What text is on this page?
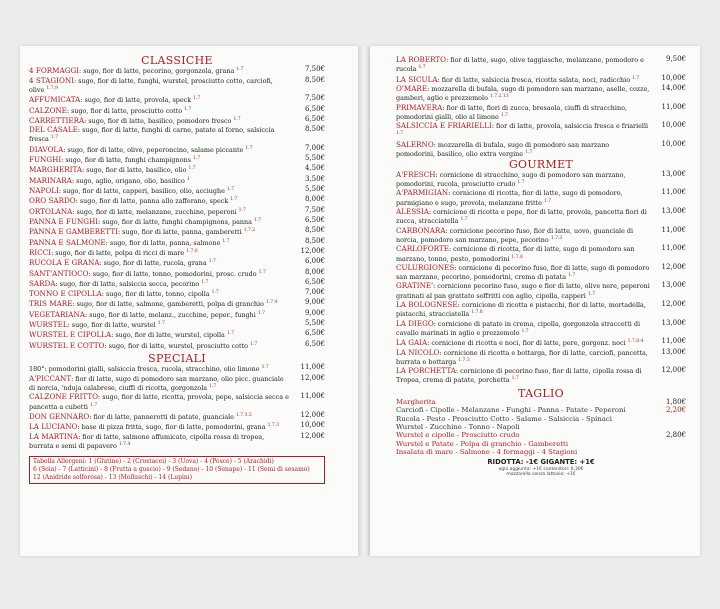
CLASSICHE
4 FORMAGGI: sugo, fior di latte, pecorino, gorgonzola, grana $^{1.7}$	7,50€
4 STAGIONI: sugo, fior di latte, funghi, wurstel, prosciutto cotto, carciofi, olive $^{1.7.9}$
8,50€
AFFUMICATA: sugo, fior di latte, provola, speck $^{1.7}$	7,50€
CALZONE: sugo, fior di latte, prosciutto cotto $^{1.7}$	6,50€
CARRETTIERA: sugo, fior di latte, basilico, pomodoro fresco $^{1.7}$	6,50€
DEL CASALE: sugo, fior di latte, funghi di carne, patate al forno, salsiccia fresca $^{1.7}$
8,50€
DIAVOLA: sugo, fior di latte, olive, peperoncino, salame piccante $^{1.7}$	7,00€
FUNGHI: sugo, fior di latte, funghi champignons $^{1.7}$	5,50€
MARGHERITA: sugo, fior di latte, basilico, olio $^{1.7}$	4,50€
MARINARA: sugo, aglio, origano, olio, basilico $^1$	3,50€
NAPOLI: sugo, fior di latte, capperi, basilico, olio, acciughe $^{1.7}$	5,50€
ORO SARDO: sugo, fior di latte, panna allo zafferano, speck $^{1.7}$	8,00€
ORTOLANA: sugo, fior di latte, melanzane, zucchine, peperoni $^{1.7}$	7,50€
PANNA E FUNGHI: sugo, fior di latte, funghi champignons, panna $^{1.7}$	6,50€
PANNA E GAMBERETTI: sugo, fior di latte, panna, gamberetti $^{1.7.2}$	8,50€
PANNA E SALMONE: sugo, fior di latte, panna, salmone $^{1.7}$	8,50€
RICCI: sugo, fior di latte, polpa di ricci di mare $^{1.7.0}$	12,00€
RUCOLA E GRANA: sugo, fior di latte, rucola, grana $^{1.7}$	6,00€
SANT'ANTIOCO: sugo, fior di latte, tonno, pomodorini, prosc. crudo $^{1.7}$	8,00€
SARDA: sugo, fior di latte, salsiccia secca, pecorino $^{1.7}$	6,50€
TONNO E CIPOLLA: sugo, fior di latte, tonno, cipolla $^{1.7}$	7,00€
TRIS MARE: sugo, fior di latte, salmone, gamberetti, polpa di granchio $^{1.7.4}$	9,00€
VEGETARIANA: sugo, fior di latte, melanz., zucchine, peper., funghi $^{1.7}$	9,00€
WURSTEL: sugo, fior di latte, wurstel $^{1.7}$	5,50€
WURSTEL E CIPOLLA: sugo, fior di latte, wurstel, cipolla $^{1.7}$	6,50€
WURSTEL E COTTO: sugo, fior di latte, wurstel, prosciutto cotto $^{1.7}$	6,50€
SPECIALI
180°: pomodorini gialli, salsiccia fresca, rucola, stracchino, olio limone $^{1.7}$	11,00€
A'PICCANT: fior di latte, sugo di pomodoro san marzano, olio picc. guanciale di norcia, 'nduja calabrese, ciuffi di ricotta, gorgonzola $^{1.7}$
12,00€
CALZONE FRITTO: sugo, fior di latte, ricotta, provola, pepe, salsiccia secca e pancetta a cubetti $^{1.7}$
11,00€
DON GENNARO: fior di latte, pannerotti di patate, guanciale $^{1.7.3.5}$	12,00€
LA LUCIANO: base di pizza fritta, sugo, fior di latte, pomodorini, grana $^{1.7.3}$	10,00€
LA MARTINA: fior di latte, salmone affumicato, cipolla rossa di tropea, burrata e semi di papavero $^{1.7.4}$
12,00€
Tabella Allergeni: 1 (Glutine) - 2 (Crostacei) - 3 (Uova) - 4 (Pesce) - 5 (Arachidi)
6 (Soia) - 7 (Latticini) - 8 (Frutta a guscio) - 9 (Sedano) - 10 (Senape) - 11 (Semi di sesamo)
12 (Anidride solforosa) - 13 (Molluschi) - 14 (Lupini)
LA ROBERTO: fior di latte, sugo, olive taggiasche, melanzane, pomodoro e rucola $^{1.7}$
9,50€
LA SICULA: fior di latte, salsiccia fresca, ricotta salata, noci, radicchio $^{1.7}$	10,00€
O'MARE: mozzarella di bufala, sugo di pomodoro san marzano, aselle, cozze, gamberi, aglio e prezzemolo $^{1.7.2.13}$
14,00€
PRIMAVERA: fior di latte, fiori di zucca, bresaola, ciuffi di stracchino, pomodorini gialli, olio al limone $^{1.7}$
11,00€
SALSICCIA E FRIARIELLI: fior di latte, provola, salsiccia fresca e friarielli $^{1.7}$
10,00€
SALERNO: mozzarella di bufala, sugo di pomodoro san marzano pomodorini, basilico, olio extra vergine $^{1.7}$
10,00€
GOURMET
A'FRESCH: cornicione di stracchino, sugo di pomodoro san marzano, pomodorini, rucola, prosciutto crudo $^{1.7}$
13,00€
A'PARMIGIAN: cornicione di ricotta, fior di latte, sugo di pomodoro, parmigiano e sugo, provola, melanzane fritte $^{1.7}$
11,00€
ALESSIA: cornicione di ricotta e pepe, fior di latte, provola, pancetta fiori di zucca, stracciatella $^{1.7}$
13,00€
CARBONARA: cornicione pecorino fuso, fior di latte, uovo, guanciale di norcia, pomodoro san marzano, pepe, pecorino $^{1.7.3}$
11,00€
CARLOFORTE: cornicione di ricotta, fior di latte, sugo di pomodoro san marzano, tonno, pesto, pomodorini $^{1.7.8}$
11,00€
CULURGIONES: cornicione di pecorino fuso, fior di latte, sugo di pomodoro san marzano, pecorino, pomodorini, crema di patata $^{1.7}$
12,00€
GRATINE': cornicione pecorino fuso, sugo e fior di latte, olive nere, peperoni gratinati al pan grattato soffritti con aglio, cipolla, capperi $^{1.7}$
13,00€
LA BOLOGNESE: cornicione di ricotta e pistacchi, fior di latte, mortadella, pistacchi, stracciatella $^{1.7.8}$
12,00€
LA DIEGO: cornicione di patate in crema, cipolla, gorgonzola straccetti di cavallo marinati in aglio e prezzemolo $^{1.7}$
13,00€
LA GAIA: cornicione di ricotta e noci, fior di latte, pere, gorgonz. noci $^{1.7.8.4}$	11,00€
LA NICOLO: cornicione di ricotta e bottarga, fior di latte, carciofi, pancetta, burrata e bottarga $^{1.7.3}$
13,00€
LA PORCHETTA: cornicione di pecorino fuso, fior di latte, cipolla rossa di Tropea, crema di patate, porchetta $^{1.7}$
12,00€
TAGLIO
Margherita	1,80€
Carciofi - Cipolle - Melanzane - Funghi - Panna - Patate - Peperoni	2,20€
Rucola - Pesto - Prosciutto Cotto - Salame - Salsiccia - Spinaci
Wurstel - Zucchine - Tonno - Napoli
Wurstel e cipolle - Prosciutto crudo	2,80€
Wurstel e Patate - Polpa di granchio - Gamberetti
Insalata di mare - Salmone - 4 formaggi - 4 Stagioni
RIDOTTA: -1€ GIGANTE: +1€
ogni aggiunta: +1€ contenitori: 0,30€
mozzarella senza lattosio: +1€
